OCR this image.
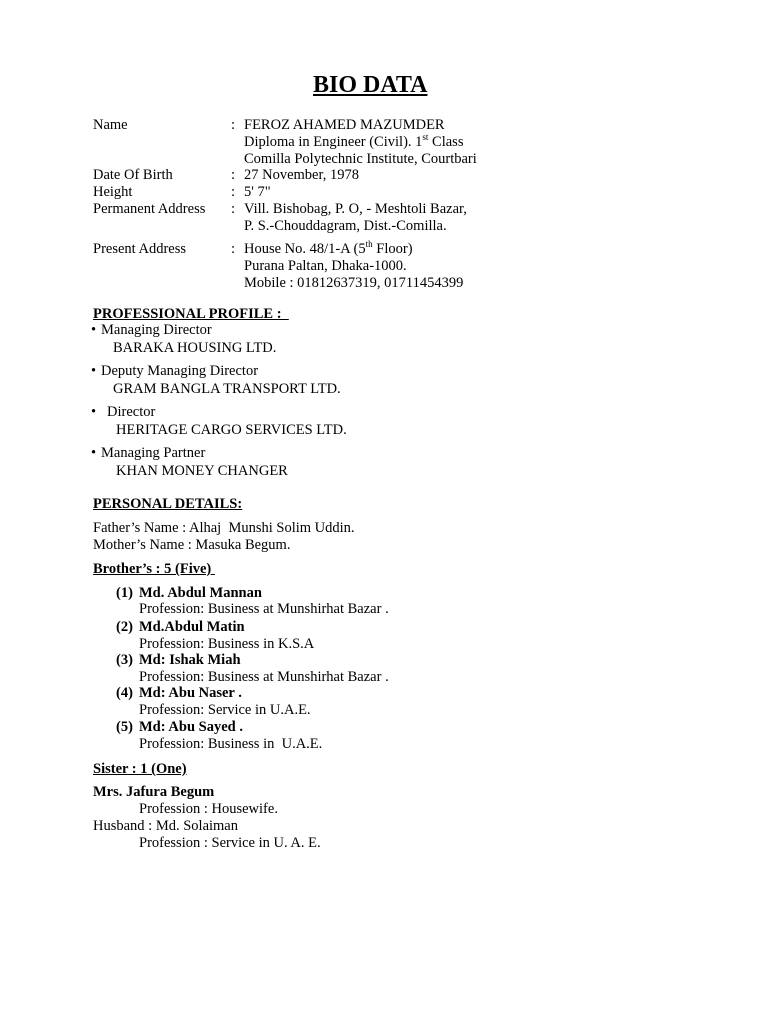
BIO DATA
Name	: FEROZ AHAMED MAZUMDER
Diploma in Engineer (Civil). 1st Class
Comilla Polytechnic Institute, Courtbari
Date Of Birth	: 27 November, 1978
Height	: 5' 7"
Permanent Address : Vill. Bishobag, P. O, - Meshtoli Bazar,
P. S.-Chouddagram, Dist.-Comilla.
Present Address	: House No. 48/1-A (5th Floor)
Purana Paltan, Dhaka-1000.
Mobile : 01812637319, 01711454399
PROFESSIONAL PROFILE :
• Managing Director
BARAKA HOUSING LTD.
• Deputy Managing Director
GRAM BANGLA TRANSPORT LTD.
• Director
HERITAGE CARGO SERVICES LTD.
• Managing Partner
KHAN MONEY CHANGER
PERSONAL DETAILS:
Father’s Name : Alhaj  Munshi Solim Uddin.
Mother’s Name : Masuka Begum.
Brother’s : 5 (Five)
(1) Md. Abdul Mannan
Profession: Business at Munshirhat Bazar .
(2) Md.Abdul Matin
Profession: Business in K.S.A
(3) Md: Ishak Miah
Profession: Business at Munshirhat Bazar .
(4) Md: Abu Naser .
Profession: Service in U.A.E.
(5) Md: Abu Sayed .
Profession: Business in  U.A.E.
Sister : 1 (One)
Mrs. Jafura Begum
Profession : Housewife.
Husband : Md. Solaiman
Profession : Service in U. A. E.
